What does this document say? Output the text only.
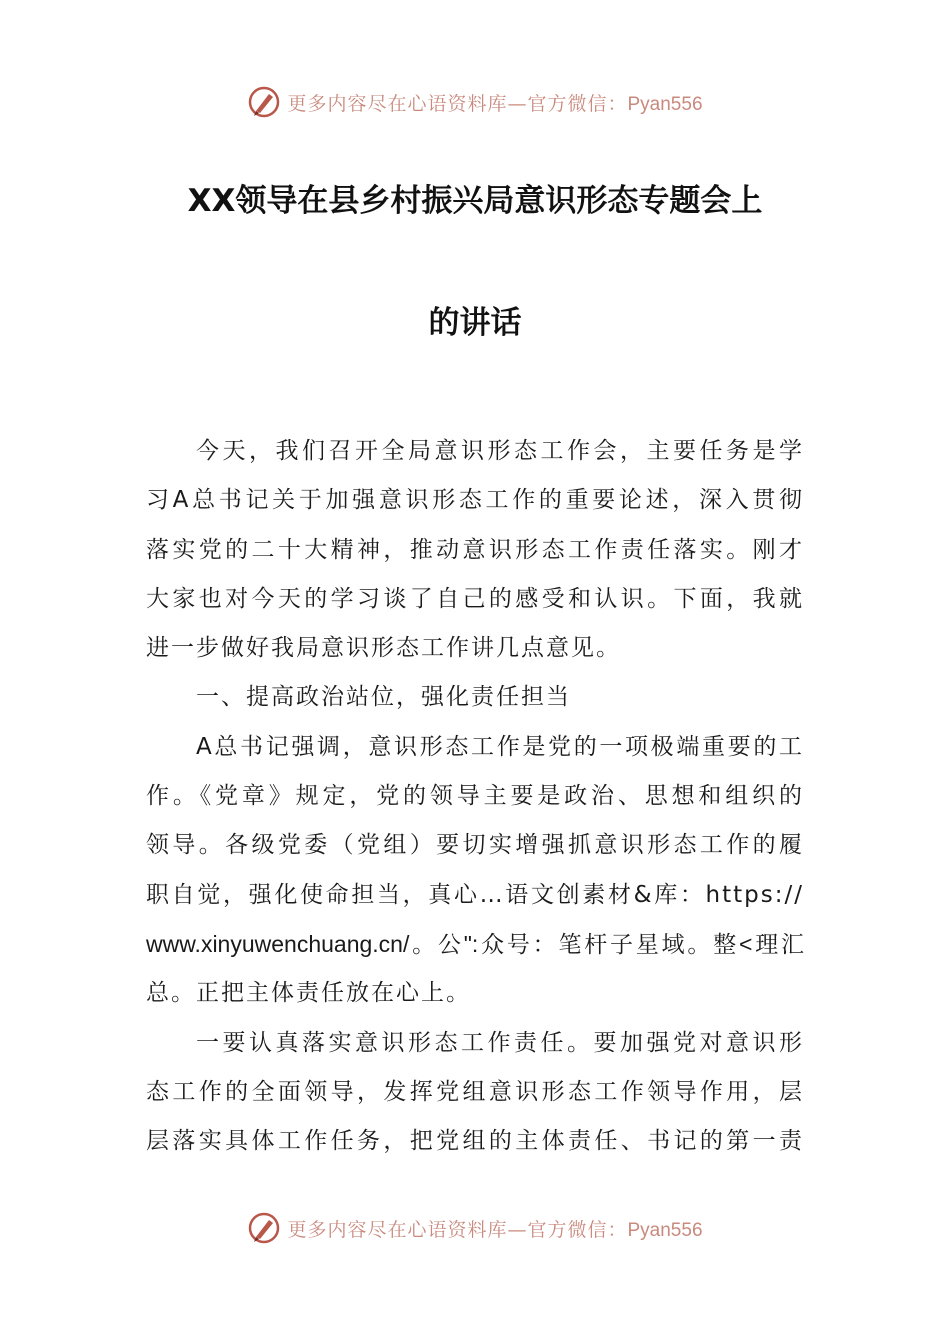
更多内容尽在心语资料库—官方微信：Pyan556
XX领导在县乡村振兴局意识形态专题会上
的讲话
今天，我们召开全局意识形态工作会，主要任务是学
习A总书记关于加强意识形态工作的重要论述，深入贯彻
落实党的二十大精神，推动意识形态工作责任落实。刚才
大家也对今天的学习谈了自己的感受和认识。下面，我就
进一步做好我局意识形态工作讲几点意见。
一、提高政治站位，强化责任担当
A总书记强调，意识形态工作是党的一项极端重要的工
作。《党章》规定，党的领导主要是政治、思想和组织的
领导。各级党委（党组）要切实增强抓意识形态工作的履
职自觉，强化使命担当，真心…语文创素材&库：https://
www.xinyuwenchuang.cn/。公":众号：笔杆子星域。整<理汇
总。正把主体责任放在心上。
一要认真落实意识形态工作责任。要加强党对意识形
态工作的全面领导，发挥党组意识形态工作领导作用，层
层落实具体工作任务，把党组的主体责任、书记的第一责
更多内容尽在心语资料库—官方微信：Pyan556
